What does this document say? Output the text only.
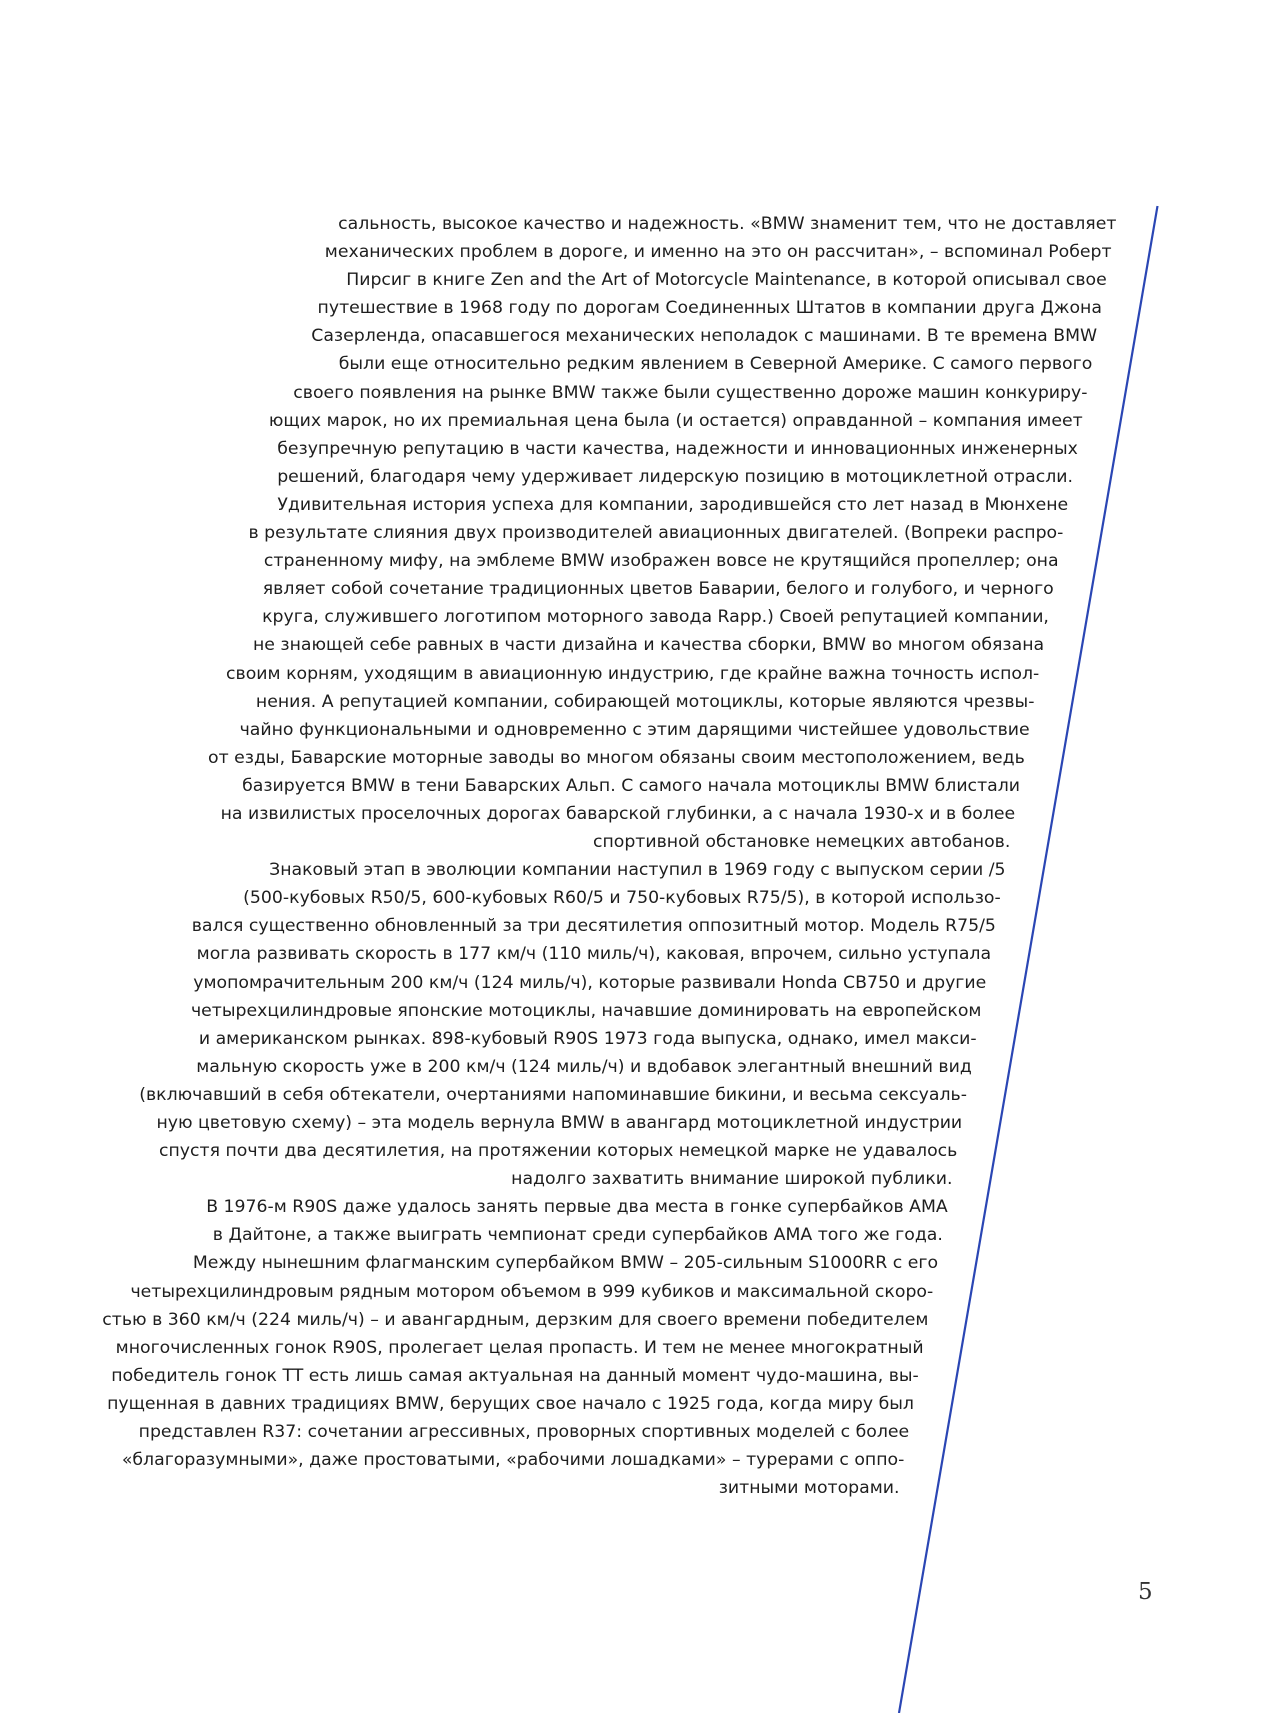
сальность, высокое качество и надежность. «BMW знаменит тем, что не доставляет
механических проблем в дороге, и именно на это он рассчитан», – вспоминал Роберт
Пирсиг в книге Zen and the Art of Motorcycle Maintenance, в которой описывал свое
путешествие в 1968 году по дорогам Соединенных Штатов в компании друга Джона
Сазерленда, опасавшегося механических неполадок с машинами. В те времена BMW
были еще относительно редким явлением в Северной Америке. С самого первого
своего появления на рынке BMW также были существенно дороже машин конкуриру-
ющих марок, но их премиальная цена была (и остается) оправданной – компания имеет
безупречную репутацию в части качества, надежности и инновационных инженерных
решений, благодаря чему удерживает лидерскую позицию в мотоциклетной отрасли.
Удивительная история успеха для компании, зародившейся сто лет назад в Мюнхене
в результате слияния двух производителей авиационных двигателей. (Вопреки распро-
страненному мифу, на эмблеме BMW изображен вовсе не крутящийся пропеллер; она
являет собой сочетание традиционных цветов Баварии, белого и голубого, и черного
круга, служившего логотипом моторного завода Rapp.) Своей репутацией компании,
не знающей себе равных в части дизайна и качества сборки, BMW во многом обязана
своим корням, уходящим в авиационную индустрию, где крайне важна точность испол-
нения. А репутацией компании, собирающей мотоциклы, которые являются чрезвы-
чайно функциональными и одновременно с этим дарящими чистейшее удовольствие
от езды, Баварские моторные заводы во многом обязаны своим местоположением, ведь
базируется BMW в тени Баварских Альп. С самого начала мотоциклы BMW блистали
на извилистых проселочных дорогах баварской глубинки, а с начала 1930-х и в более
спортивной обстановке немецких автобанов.
Знаковый этап в эволюции компании наступил в 1969 году с выпуском серии /5
(500-кубовых R50/5, 600-кубовых R60/5 и 750-кубовых R75/5), в которой использо-
вался существенно обновленный за три десятилетия оппозитный мотор. Модель R75/5
могла развивать скорость в 177 км/ч (110 миль/ч), каковая, впрочем, сильно уступала
умопомрачительным 200 км/ч (124 миль/ч), которые развивали Honda CB750 и другие
четырехцилиндровые японские мотоциклы, начавшие доминировать на европейском
и американском рынках. 898-кубовый R90S 1973 года выпуска, однако, имел макси-
мальную скорость уже в 200 км/ч (124 миль/ч) и вдобавок элегантный внешний вид
(включавший в себя обтекатели, очертаниями напоминавшие бикини, и весьма сексуаль-
ную цветовую схему) – эта модель вернула BMW в авангард мотоциклетной индустрии
спустя почти два десятилетия, на протяжении которых немецкой марке не удавалось
надолго захватить внимание широкой публики.
В 1976-м R90S даже удалось занять первые два места в гонке супербайков AMA
в Дайтоне, а также выиграть чемпионат среди супербайков AMA того же года.
Между нынешним флагманским супербайком BMW – 205-сильным S1000RR с его
четырехцилиндровым рядным мотором объемом в 999 кубиков и максимальной скоро-
стью в 360 км/ч (224 миль/ч) – и авангардным, дерзким для своего времени победителем
многочисленных гонок R90S, пролегает целая пропасть. И тем не менее многократный
победитель гонок TT есть лишь самая актуальная на данный момент чудо-машина, вы-
пущенная в давних традициях BMW, берущих свое начало с 1925 года, когда миру был
представлен R37: сочетании агрессивных, проворных спортивных моделей с более
«благоразумными», даже простоватыми, «рабочими лошадками» – турерами с оппо-
зитными моторами.
5
